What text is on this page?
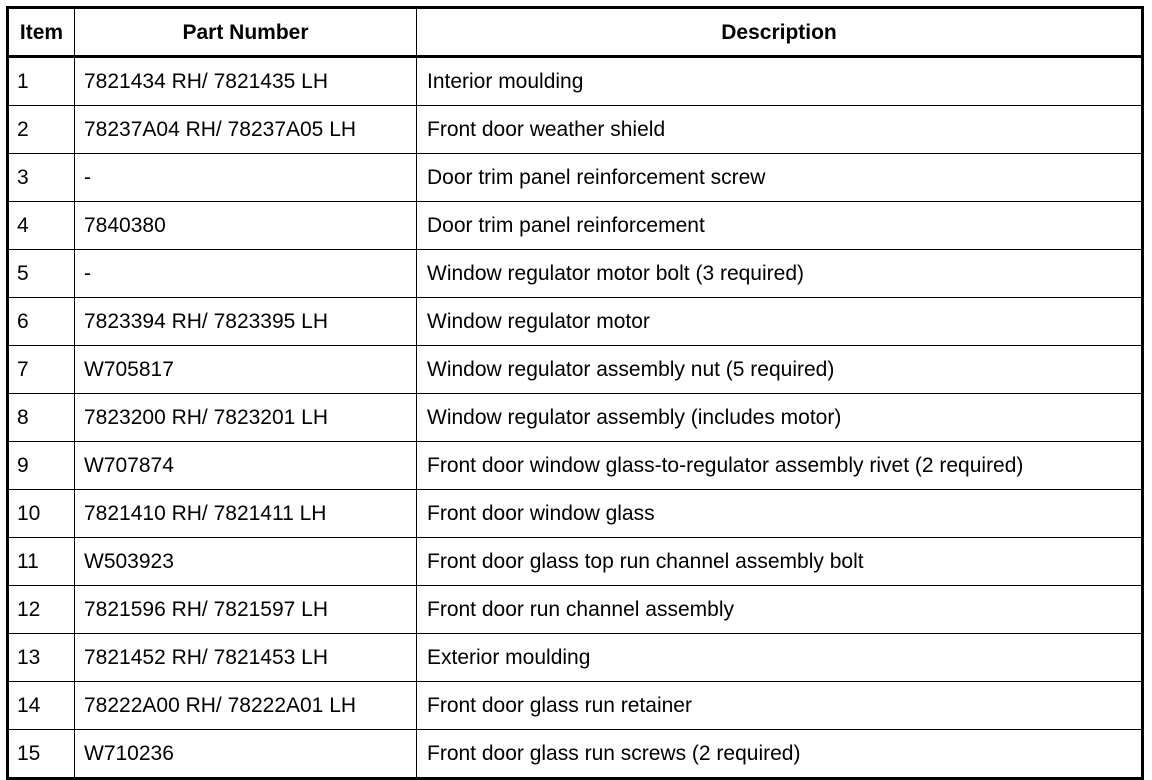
Item	Part Number	Description
1	7821434 RH/ 7821435 LH	Interior moulding
2	78237A04 RH/ 78237A05 LH	Front door weather shield
3	-	Door trim panel reinforcement screw
4	7840380	Door trim panel reinforcement
5	-	Window regulator motor bolt (3 required)
6	7823394 RH/ 7823395 LH	Window regulator motor
7	W705817	Window regulator assembly nut (5 required)
8	7823200 RH/ 7823201 LH	Window regulator assembly (includes motor)
9	W707874	Front door window glass-to-regulator assembly rivet (2 required)
10	7821410 RH/ 7821411 LH	Front door window glass
11	W503923	Front door glass top run channel assembly bolt
12	7821596 RH/ 7821597 LH	Front door run channel assembly
13	7821452 RH/ 7821453 LH	Exterior moulding
14	78222A00 RH/ 78222A01 LH	Front door glass run retainer
15	W710236	Front door glass run screws (2 required)
